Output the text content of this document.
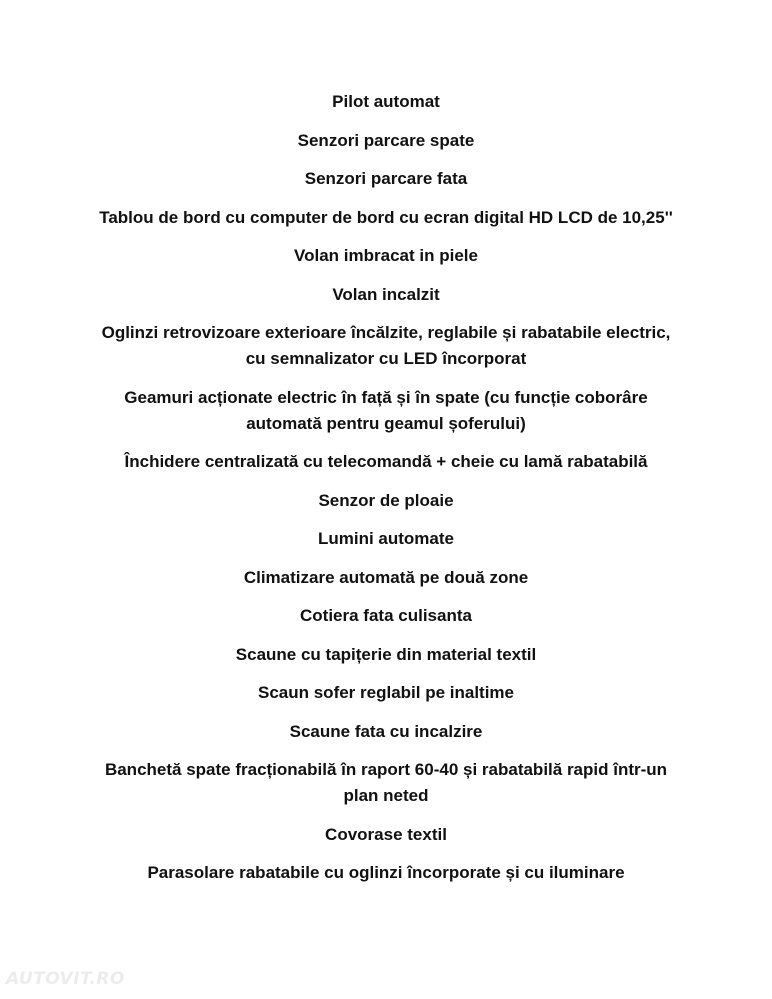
Pilot automat
Senzori parcare spate
Senzori parcare fata
Tablou de bord cu computer de bord cu ecran digital HD LCD de 10,25''
Volan imbracat in piele
Volan incalzit
Oglinzi retrovizoare exterioare încălzite, reglabile și rabatabile electric,
cu semnalizator cu LED încorporat
Geamuri acționate electric în față și în spate (cu funcție coborâre
automată pentru geamul șoferului)
Închidere centralizată cu telecomandă + cheie cu lamă rabatabilă
Senzor de ploaie
Lumini automate
Climatizare automată pe două zone
Cotiera fata culisanta
Scaune cu tapițerie din material textil
Scaun sofer reglabil pe inaltime
Scaune fata cu incalzire
Banchetă spate fracționabilă în raport 60-40 și rabatabilă rapid într-un
plan neted
Covorase textil
Parasolare rabatabile cu oglinzi încorporate și cu iluminare
AUTOVIT.RO
